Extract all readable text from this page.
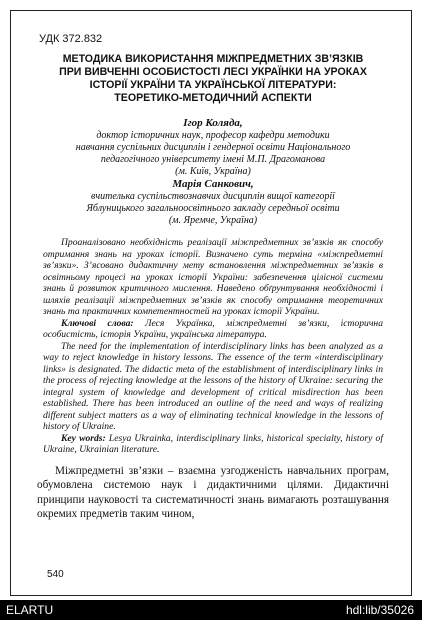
УДК 372.832

МЕТОДИКА ВИКОРИСТАННЯ МІЖПРЕДМЕТНИХ ЗВ’ЯЗКІВ
ПРИ ВИВЧЕННІ ОСОБИСТОСТІ ЛЕСІ УКРАЇНКИ НА УРОКАХ
ІСТОРІЇ УКРАЇНИ ТА УКРАЇНСЬКОЇ ЛІТЕРАТУРИ:
ТЕОРЕТИКО-МЕТОДИЧНИЙ АСПЕКТИ

Ігор Коляда,

доктор історичних наук, професор кафедри методики

навчання суспільних дисциплін і гендерної освіти Національного

педагогічного університету імені М.П. Драгоманова

(м. Київ, Україна)

Марія Санкович,

вчителька суспільствознавчих дисциплін вищої категорії

Яблуницького загальноосвітнього закладу середньої освіти

(м. Яремче, Україна)

Проаналізовано необхідність реалізації міжпредметних зв’язків як способу отримання знань на уроках історії. Визначено суть терміна «міжпредметні зв’язки». З’ясовано дидактичну мету встановлення міжпредметних зв’язків в освітньому процесі на уроках історії України: забезпечення цілісної системи знань й розвиток критичного мислення. Наведено обґрунтування необхідності і шляхів реалізації міжпредметних зв’язків як способу отримання теоретичних знань та практичних компетентностей на уроках історії України.

Ключові слова: Леся Українка, міжпредметні зв’язки, історична особистість, історія України, українська література.

The need for the implementation of interdisciplinary links has been analyzed as a way to reject knowledge in history lessons. The essence of the term «interdisciplinary links» is designated. The didactic meta of the establishment of interdisciplinary links in the process of rejecting knowledge at the lessons of the history of Ukraine: securing the integral system of knowledge and development of critical misdirection has been established. There has been introduced an outline of the need and ways of realizing different subject matters as a way of eliminating technical knowledge in the lessons of history of Ukraine.

Key words: Lesya Ukrainka, interdisciplinary links, historical specialty, history of Ukraine, Ukrainian literature.

Міжпредметні зв’язки – взаємна узгодженість навчальних програм, обумовлена системою наук і дидактичними цілями. Дидактичні принципи науковості та систематичності знань вимагають розташування окремих предметів таким чином,

540
ELARTU	hdl:lib/35026
